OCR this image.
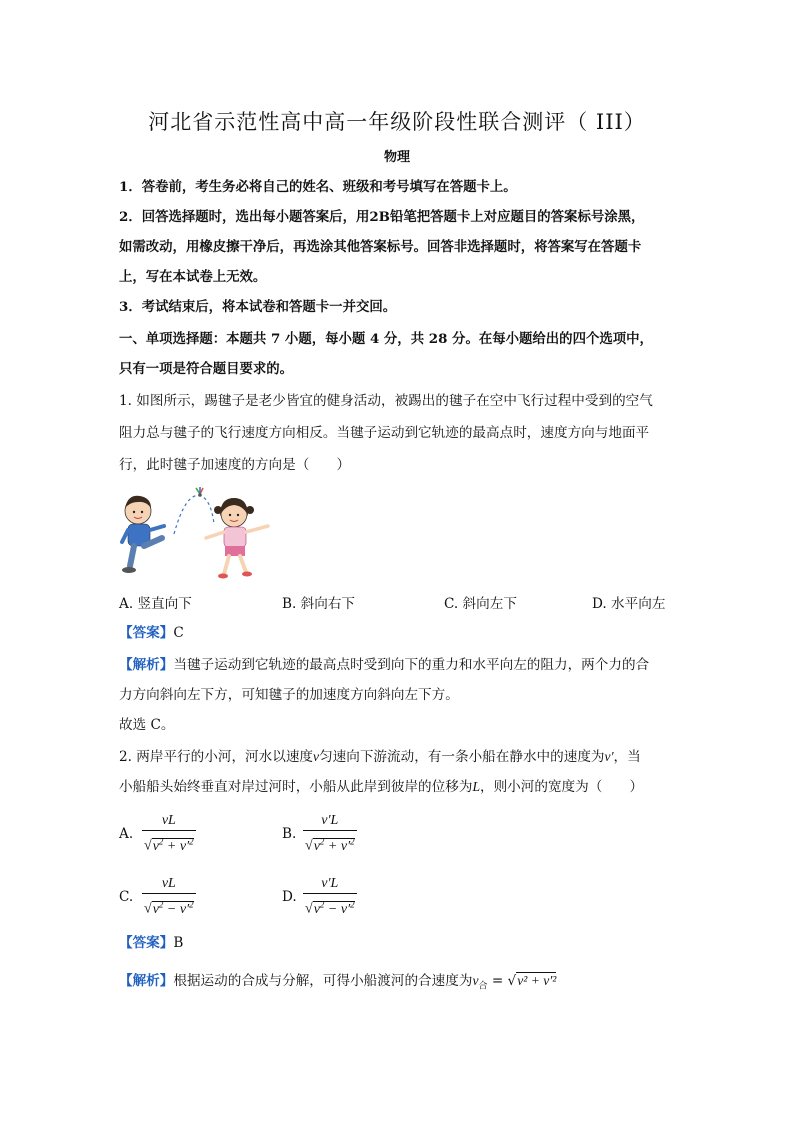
河北省示范性高中高一年级阶段性联合测评（ III）
物理
1．答卷前，考生务必将自己的姓名、班级和考号填写在答题卡上。
2．回答选择题时，选出每小题答案后，用2B铅笔把答题卡上对应题目的答案标号涂黑，
如需改动，用橡皮擦干净后，再选涂其他答案标号。回答非选择题时，将答案写在答题卡
上，写在本试卷上无效。
3．考试结束后，将本试卷和答题卡一并交回。
一、单项选择题：本题共 7 小题，每小题 4 分，共 28 分。在每小题给出的四个选项中，
只有一项是符合题目要求的。
1. 如图所示，踢毽子是老少皆宜的健身活动，被踢出的毽子在空中飞行过程中受到的空气
阻力总与毽子的飞行速度方向相反。当毽子运动到它轨迹的最高点时，速度方向与地面平
行，此时毽子加速度的方向是（　　）
A. 竖直向下	B. 斜向右下	C. 斜向左下	D. 水平向左
【答案】C
【解析】当毽子运动到它轨迹的最高点时受到向下的重力和水平向左的阻力，两个力的合
力方向斜向左下方，可知毽子的加速度方向斜向左下方。
故选 C。
2. 两岸平行的小河，河水以速度v匀速向下游流动，有一条小船在静水中的速度为v′，当
小船船头始终垂直对岸过河时，小船从此岸到彼岸的位移为L，则小河的宽度为（　　）
A. $\frac{vL}{√v^2 + v'^2}$	B. $\frac{v'L}{√v^2 + v'^2}$
C. $\frac{vL}{√v^2 - v'^2}$	D. $\frac{v'L}{√v^2 - v'^2}$
【答案】B
【解析】根据运动的合成与分解，可得小船渡河的合速度为$v_合 = √v^2 + v'^2$
